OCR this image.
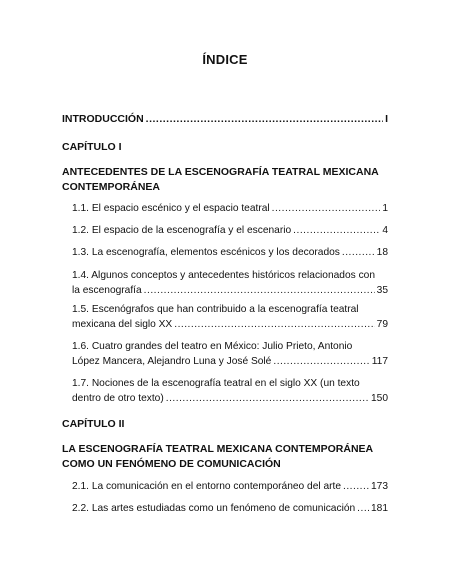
ÍNDICE
INTRODUCCIÓN .....	I
CAPÍTULO I
ANTECEDENTES DE LA ESCENOGRAFÍA TEATRAL MEXICANA
CONTEMPORÁNEA
1.1. El espacio escénico y el espacio teatral .....	1
1.2. El espacio de la escenografía y el escenario .....	4
1.3. La escenografía, elementos escénicos y los decorados .....	18
1.4. Algunos conceptos y antecedentes históricos relacionados con
la escenografía .....	35
1.5. Escenógrafos que han contribuido a la escenografía teatral
mexicana del siglo XX .....	79
1.6. Cuatro grandes del teatro en México: Julio Prieto, Antonio
López Mancera, Alejandro Luna y José Solé .....	117
1.7. Nociones de la escenografía teatral en el siglo XX (un texto
dentro de otro texto) .....	150
CAPÍTULO II
LA ESCENOGRAFÍA TEATRAL MEXICANA CONTEMPORÁNEA
COMO UN FENÓMENO DE COMUNICACIÓN
2.1. La comunicación en el entorno contemporáneo del arte .....	173
2.2. Las artes estudiadas como un fenómeno de comunicación ..... 181
